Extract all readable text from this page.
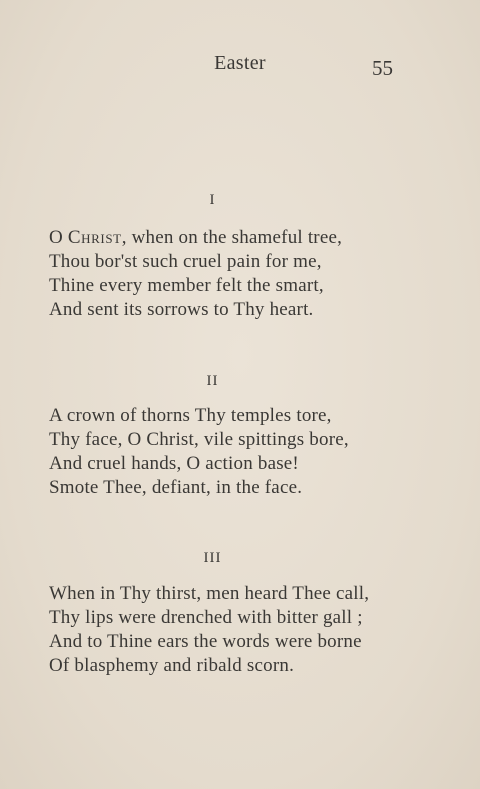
Easter	55
I
O Christ, when on the shameful tree,
Thou bor'st such cruel pain for me,
Thine every member felt the smart,
And sent its sorrows to Thy heart.
II
A crown of thorns Thy temples tore,
Thy face, O Christ, vile spittings bore,
And cruel hands, O action base!
Smote Thee, defiant, in the face.
III
When in Thy thirst, men heard Thee call,
Thy lips were drenched with bitter gall ;
And to Thine ears the words were borne
Of blasphemy and ribald scorn.
